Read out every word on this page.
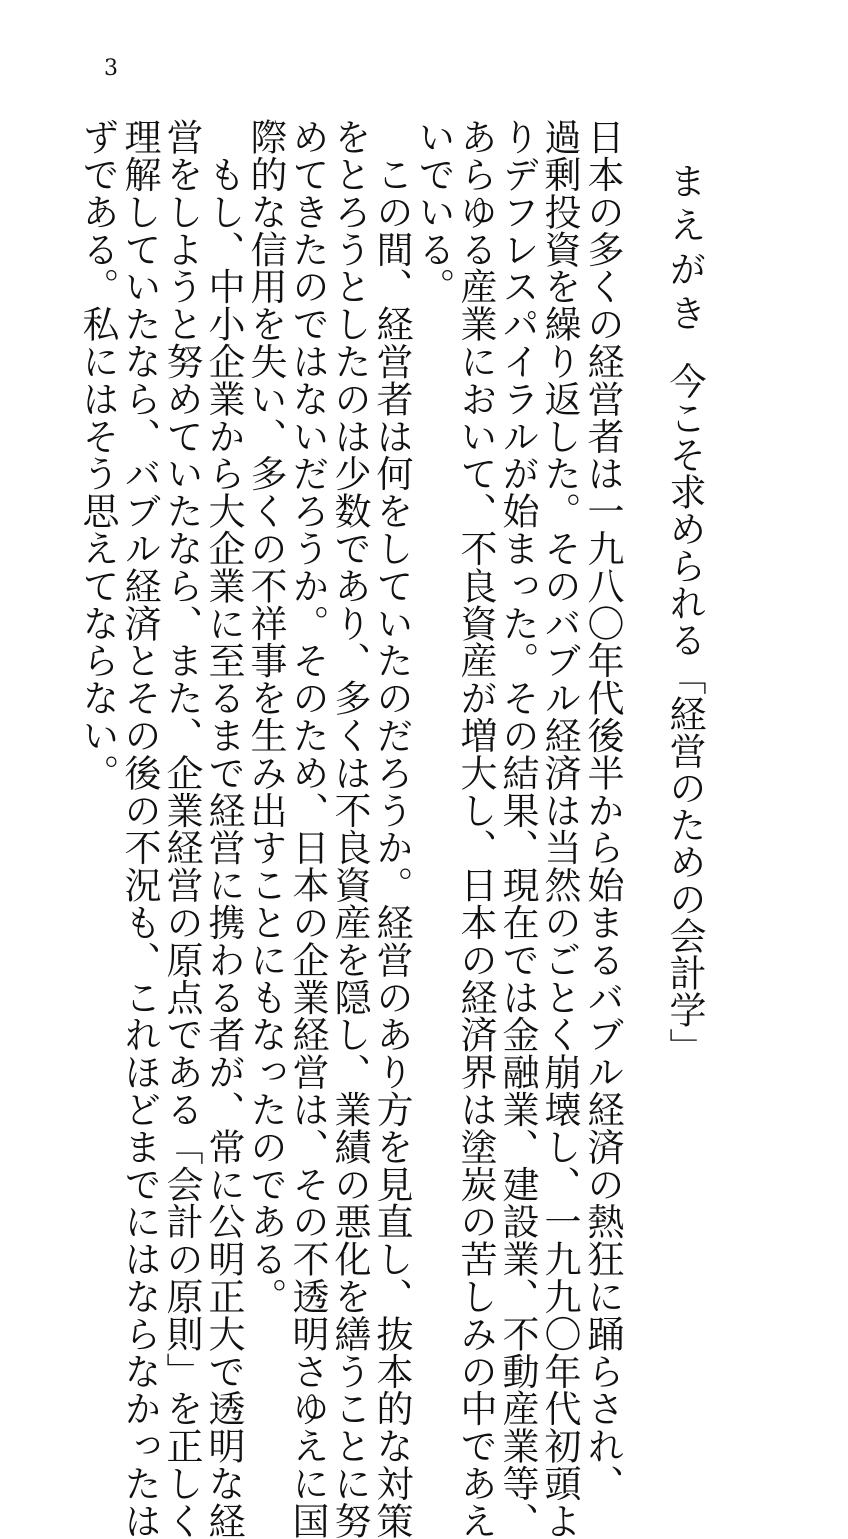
3
まえがき今こそ求められる「経営のための会計学」
日本の多くの経営者は一九八〇年代後半から始まるバブル経済の熱狂に踊らされ、
過剰投資を繰り返した。そのバブル経済は当然のごとく崩壊し、一九九〇年代初頭よ
りデフレスパイラルが始まった。その結果、現在では金融業、建設業、不動産業等、
あらゆる産業において、不良資産が増大し、日本の経済界は塗炭の苦しみの中であえ
いでいる。
　この間、経営者は何をしていたのだろうか。経営のあり方を見直し、抜本的な対策
をとろうとしたのは少数であり、多くは不良資産を隠し、業績の悪化を繕うことに努
めてきたのではないだろうか。そのため、日本の企業経営は、その不透明さゆえに国
際的な信用を失い、多くの不祥事を生み出すことにもなったのである。
　もし、中小企業から大企業に至るまで経営に携わる者が、常に公明正大で透明な経
営をしようと努めていたなら、また、企業経営の原点である「会計の原則」を正しく
理解していたなら、バブル経済とその後の不況も、これほどまでにはならなかったは
ずである。私にはそう思えてならない。
